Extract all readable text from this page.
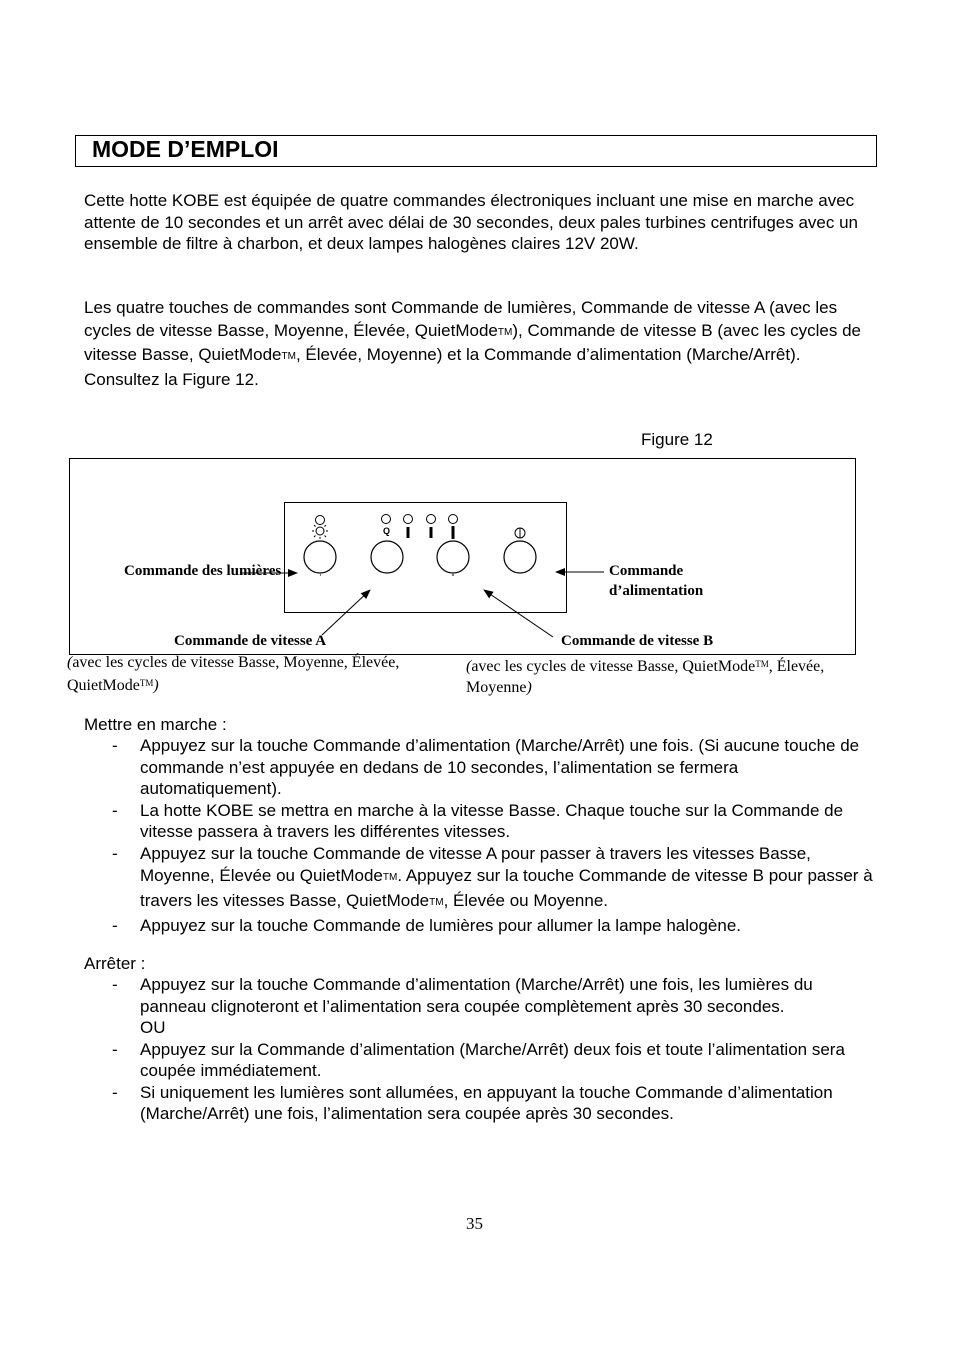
MODE D’EMPLOI
Cette hotte KOBE est équipée de quatre commandes électroniques incluant une mise en marche avec attente de 10 secondes et un arrêt avec délai de 30 secondes, deux pales turbines centrifuges avec un ensemble de filtre à charbon, et deux lampes halogènes claires 12V 20W.
Les quatre touches de commandes sont Commande de lumières, Commande de vitesse A (avec les cycles de vitesse Basse, Moyenne, Élevée, QuietModeTM), Commande de vitesse B (avec les cycles de vitesse Basse, QuietModeTM, Élevée, Moyenne) et la Commande d’alimentation (Marche/Arrêt). Consultez la Figure 12.
Figure 12
Q
Commande des lumières	Commande d’alimentation
Commande de vitesse A	Commande de vitesse B
(avec les cycles de vitesse Basse, Moyenne, Élevée, QuietMode™)
(avec les cycles de vitesse Basse, QuietMode™, Élevée, Moyenne)
Mettre en marche :
- Appuyez sur la touche Commande d’alimentation (Marche/Arrêt) une fois. (Si aucune touche de commande n’est appuyée en dedans de 10 secondes, l’alimentation se fermera automatiquement).
- La hotte KOBE se mettra en marche à la vitesse Basse. Chaque touche sur la Commande de vitesse passera à travers les différentes vitesses.
- Appuyez sur la touche Commande de vitesse A pour passer à travers les vitesses Basse, Moyenne, Élevée ou QuietModeTM. Appuyez sur la touche Commande de vitesse B pour passer à travers les vitesses Basse, QuietModeTM, Élevée ou Moyenne.
- Appuyez sur la touche Commande de lumières pour allumer la lampe halogène.
Arrêter :
- Appuyez sur la touche Commande d’alimentation (Marche/Arrêt) une fois, les lumières du panneau clignoteront et l’alimentation sera coupée complètement après 30 secondes.
OU
- Appuyez sur la Commande d’alimentation (Marche/Arrêt) deux fois et toute l’alimentation sera coupée immédiatement.
- Si uniquement les lumières sont allumées, en appuyant la touche Commande d’alimentation (Marche/Arrêt) une fois, l’alimentation sera coupée après 30 secondes.
35
